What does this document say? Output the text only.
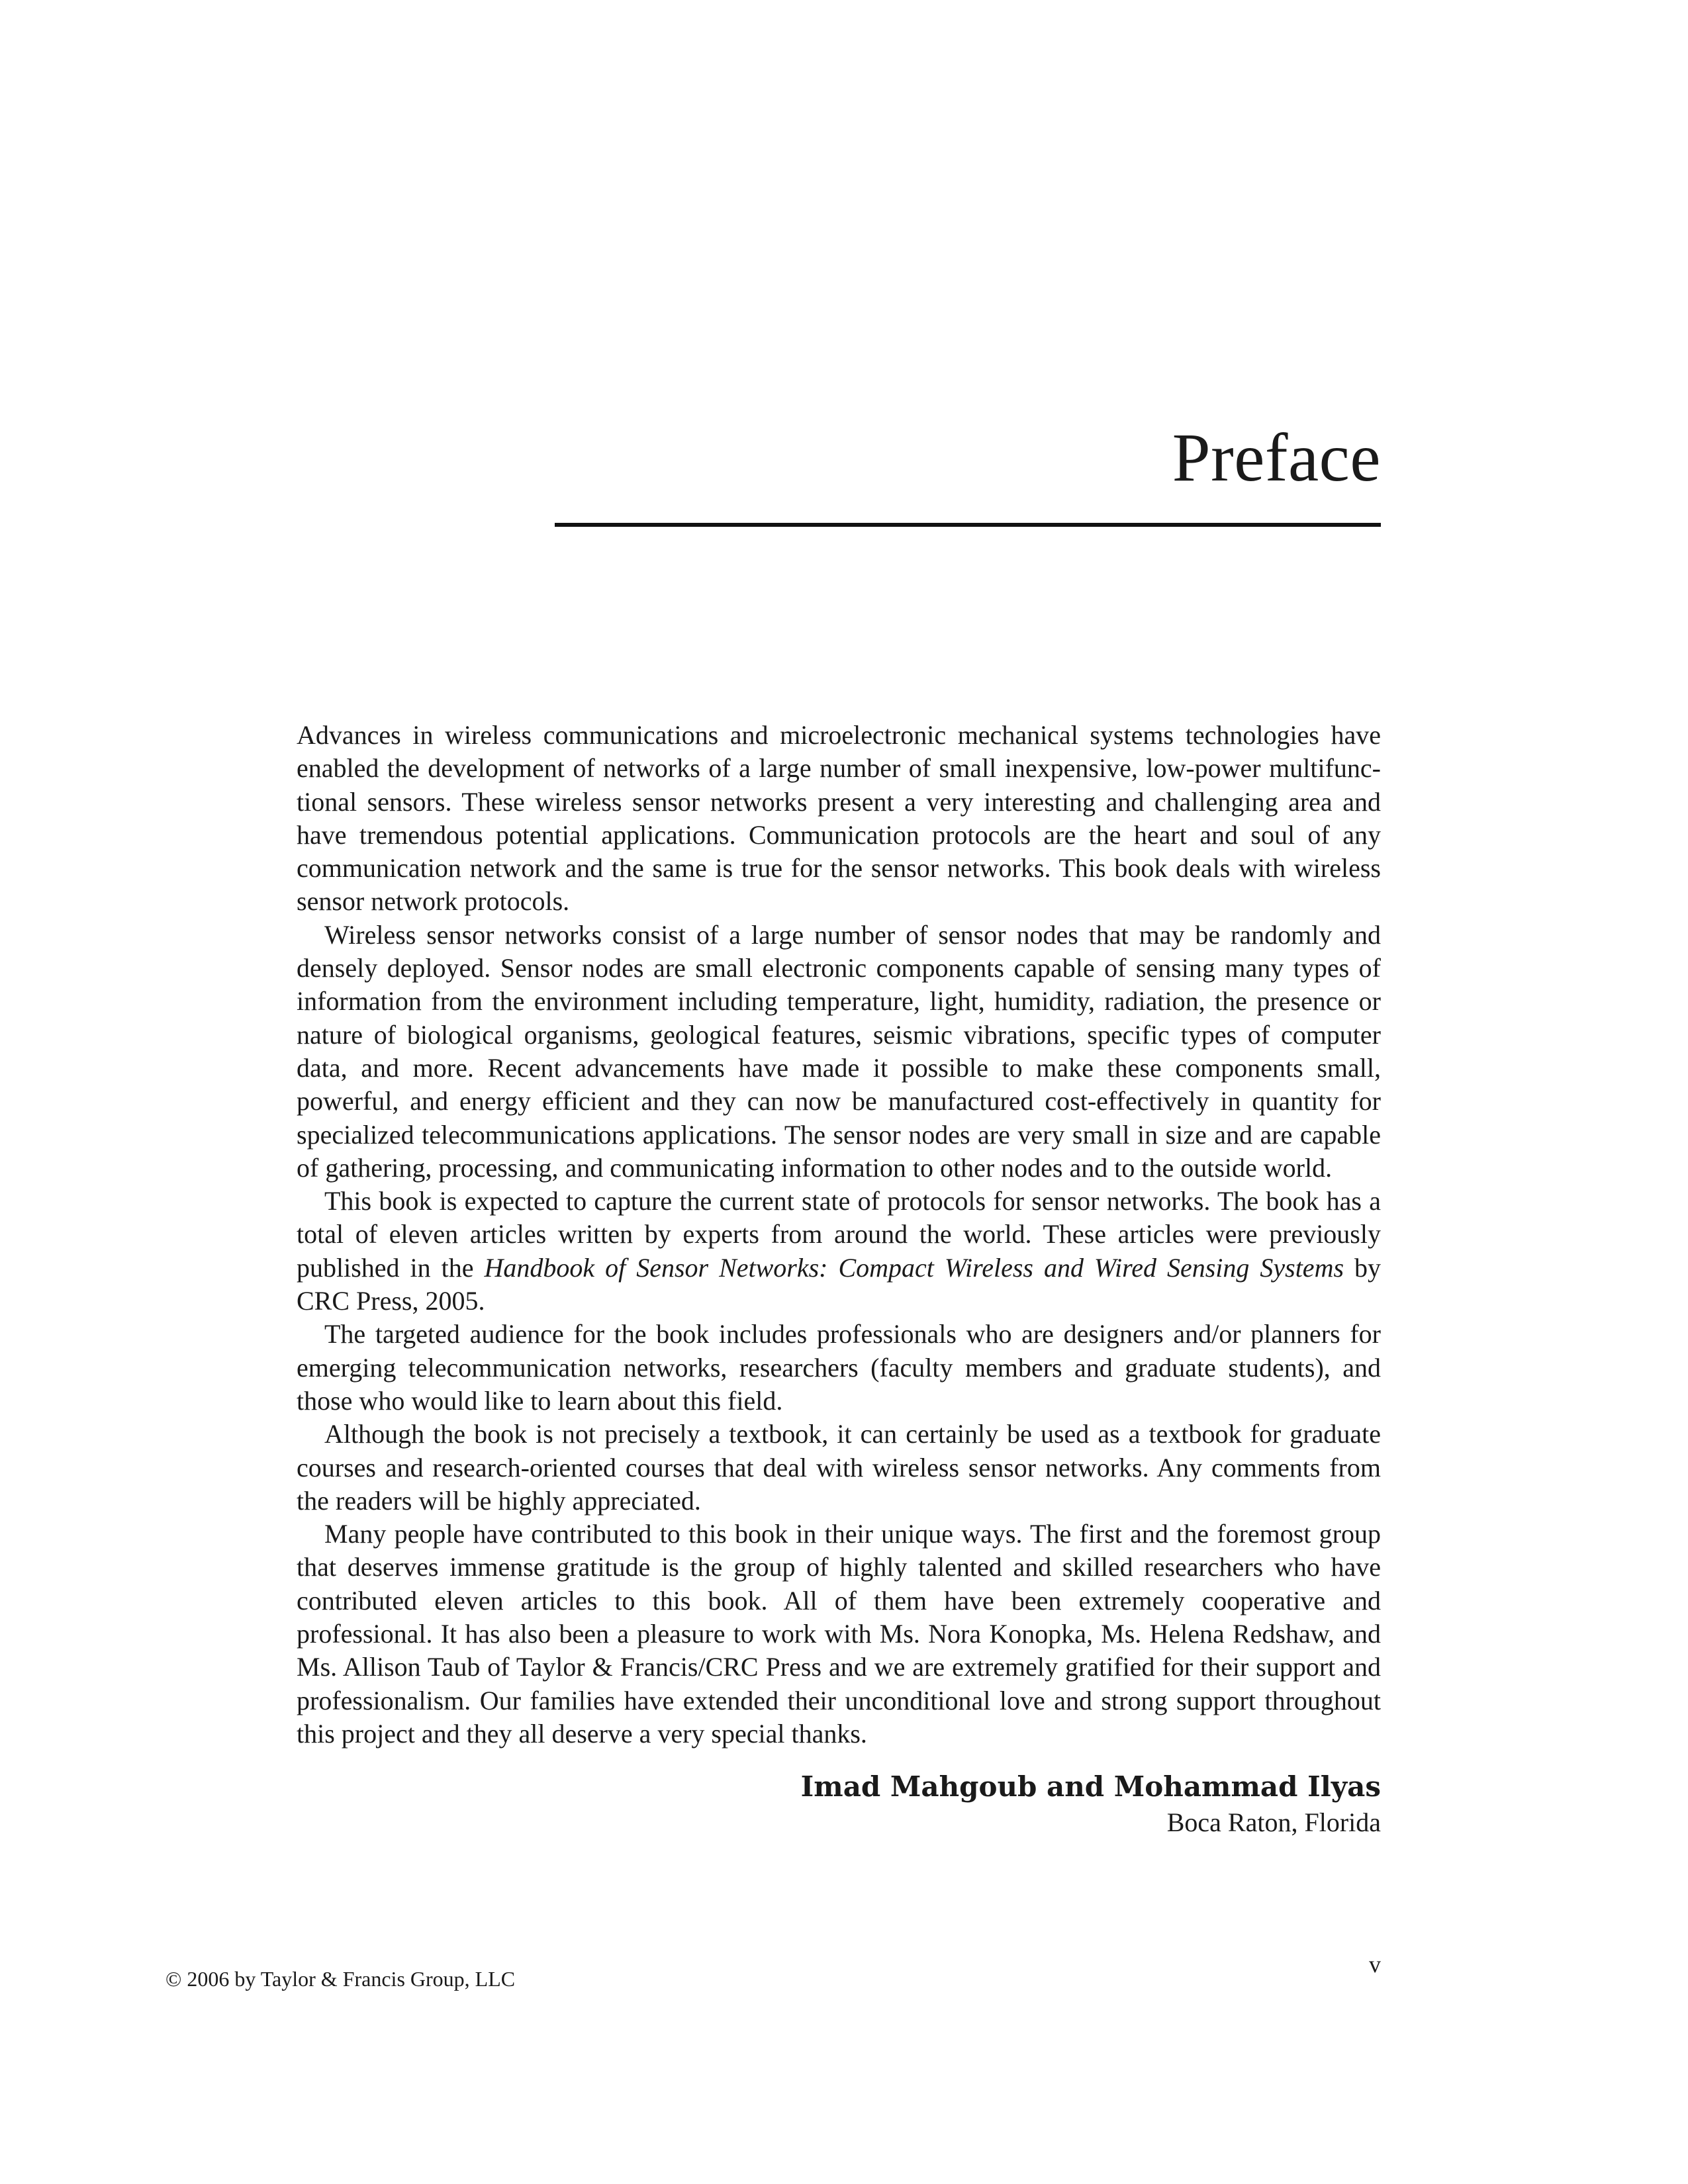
Preface

Advances in wireless communications and microelectronic mechanical systems technologies have enabled the development of networks of a large number of small inexpensive, low-power multifunctional sensors. These wireless sensor networks present a very interesting and challenging area and have tremendous potential applications. Communication protocols are the heart and soul of any communication network and the same is true for the sensor networks. This book deals with wireless sensor network protocols.

Wireless sensor networks consist of a large number of sensor nodes that may be randomly and densely deployed. Sensor nodes are small electronic components capable of sensing many types of information from the environment including temperature, light, humidity, radiation, the presence or nature of biological organisms, geological features, seismic vibrations, specific types of computer data, and more. Recent advancements have made it possible to make these components small, powerful, and energy efficient and they can now be manufactured cost-effectively in quantity for specialized telecommunications applications. The sensor nodes are very small in size and are capable of gathering, processing, and communicating information to other nodes and to the outside world.

This book is expected to capture the current state of protocols for sensor networks. The book has a total of eleven articles written by experts from around the world. These articles were previously published in the Handbook of Sensor Networks: Compact Wireless and Wired Sensing Systems by CRC Press, 2005.

The targeted audience for the book includes professionals who are designers and/or planners for emerging telecommunication networks, researchers (faculty members and graduate students), and those who would like to learn about this field.

Although the book is not precisely a textbook, it can certainly be used as a textbook for graduate courses and research-oriented courses that deal with wireless sensor networks. Any comments from the readers will be highly appreciated.

Many people have contributed to this book in their unique ways. The first and the foremost group that deserves immense gratitude is the group of highly talented and skilled researchers who have contributed eleven articles to this book. All of them have been extremely cooperative and professional. It has also been a pleasure to work with Ms. Nora Konopka, Ms. Helena Redshaw, and Ms. Allison Taub of Taylor & Francis/CRC Press and we are extremely gratified for their support and professionalism. Our families have extended their unconditional love and strong support throughout this project and they all deserve a very special thanks.

Imad Mahgoub and Mohammad Ilyas
Boca Raton, Florida
© 2006 by Taylor & Francis Group, LLC
v
